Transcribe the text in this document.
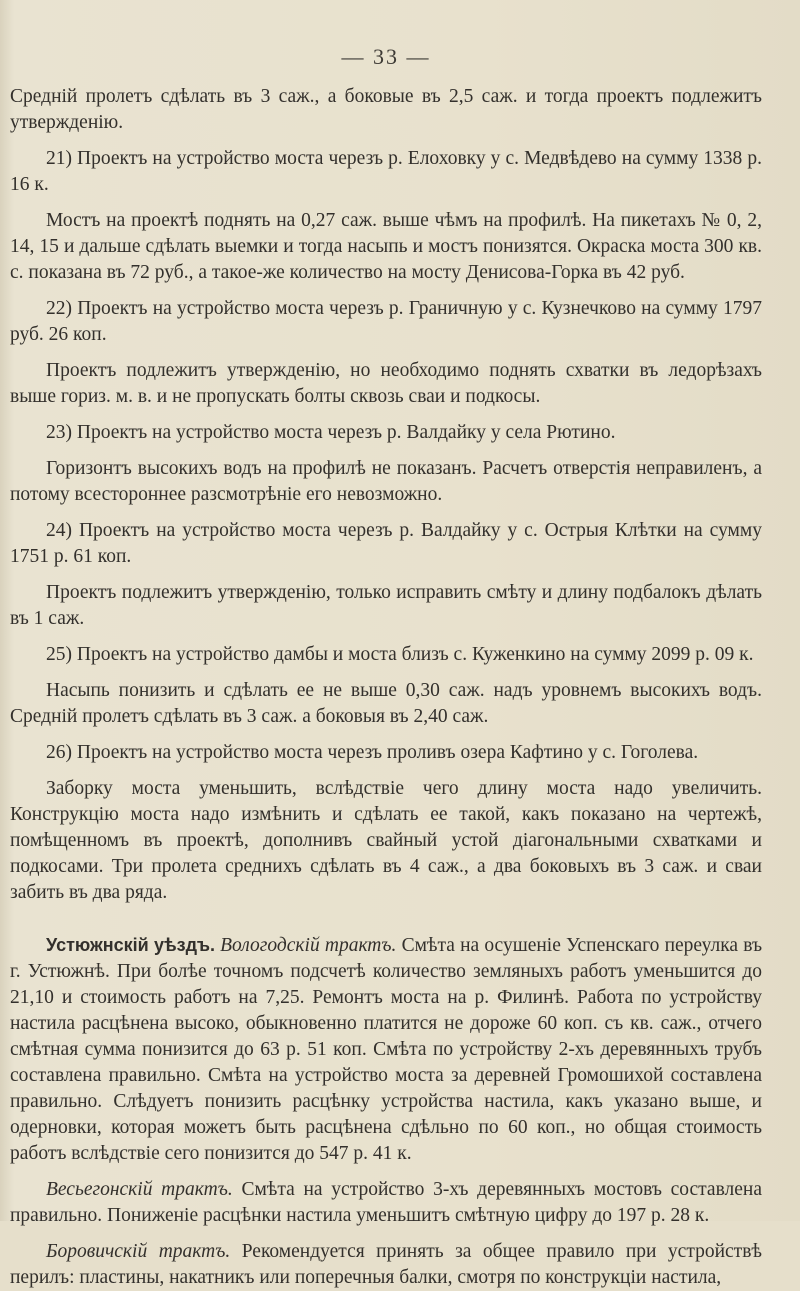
— 33 —

Средній пролетъ сдѣлать въ 3 саж., а боковые въ 2,5 саж. и тогда проектъ подлежитъ утвержденію.

21) Проектъ на устройство моста черезъ р. Елоховку у с. Медвѣдево на сумму 1338 р. 16 к.

Мостъ на проектѣ поднять на 0,27 саж. выше чѣмъ на профилѣ. На пикетахъ № 0, 2, 14, 15 и дальше сдѣлать выемки и тогда насыпь и мостъ понизятся. Окраска моста 300 кв. с. показана въ 72 руб., а такое-же количество на мосту Денисова-Горка въ 42 руб.

22) Проектъ на устройство моста черезъ р. Граничную у с. Кузнечково на сумму 1797 руб. 26 коп.

Проектъ подлежитъ утвержденію, но необходимо поднять схватки въ ледорѣзахъ выше гориз. м. в. и не пропускать болты сквозь сваи и подкосы.

23) Проектъ на устройство моста черезъ р. Валдайку у села Рютино.

Горизонтъ высокихъ водъ на профилѣ не показанъ. Расчетъ отверстія неправиленъ, а потому всестороннее разсмотрѣніе его невозможно.

24) Проектъ на устройство моста черезъ р. Валдайку у с. Острыя Клѣтки на сумму 1751 р. 61 коп.

Проектъ подлежитъ утвержденію, только исправить смѣту и длину подбалокъ дѣлать въ 1 саж.

25) Проектъ на устройство дамбы и моста близъ с. Куженкино на сумму 2099 р. 09 к.

Насыпь понизить и сдѣлать ее не выше 0,30 саж. надъ уровнемъ высокихъ водъ. Средній пролетъ сдѣлать въ 3 саж. а боковыя въ 2,40 саж.

26) Проектъ на устройство моста черезъ проливъ озера Кафтино у с. Гоголева.

Заборку моста уменьшить, вслѣдствіе чего длину моста надо увеличить. Конструкцію моста надо измѣнить и сдѣлать ее такой, какъ показано на чертежѣ, помѣщенномъ въ проектѣ, дополнивъ свайный устой діагональными схватками и подкосами. Три пролета среднихъ сдѣлать въ 4 саж., а два боковыхъ въ 3 саж. и сваи забить въ два ряда.

Устюжнскій уѣздъ. Вологодскій трактъ. Смѣта на осушеніе Успенскаго переулка въ г. Устюжнѣ. При болѣе точномъ подсчетѣ количество земляныхъ работъ уменьшится до 21,10 и стоимость работъ на 7,25. Ремонтъ моста на р. Филинѣ. Работа по устройству настила расцѣнена высоко, обыкновенно платится не дороже 60 коп. съ кв. саж., отчего смѣтная сумма понизится до 63 р. 51 коп. Смѣта по устройству 2-хъ деревянныхъ трубъ составлена правильно. Смѣта на устройство моста за деревней Громошихой составлена правильно. Слѣдуетъ понизить расцѣнку устройства настила, какъ указано выше, и одерновки, которая можетъ быть расцѣнена сдѣльно по 60 коп., но общая стоимость работъ вслѣдствіе сего понизится до 547 р. 41 к.

Весьегонскій трактъ. Смѣта на устройство 3-хъ деревянныхъ мостовъ составлена правильно. Пониженіе расцѣнки настила уменьшитъ смѣтную цифру до 197 р. 28 к.

Боровичскій трактъ. Рекомендуется принять за общее правило при устройствѣ перилъ: пластины, накатникъ или поперечныя балки, смотря по конструкціи настила,
